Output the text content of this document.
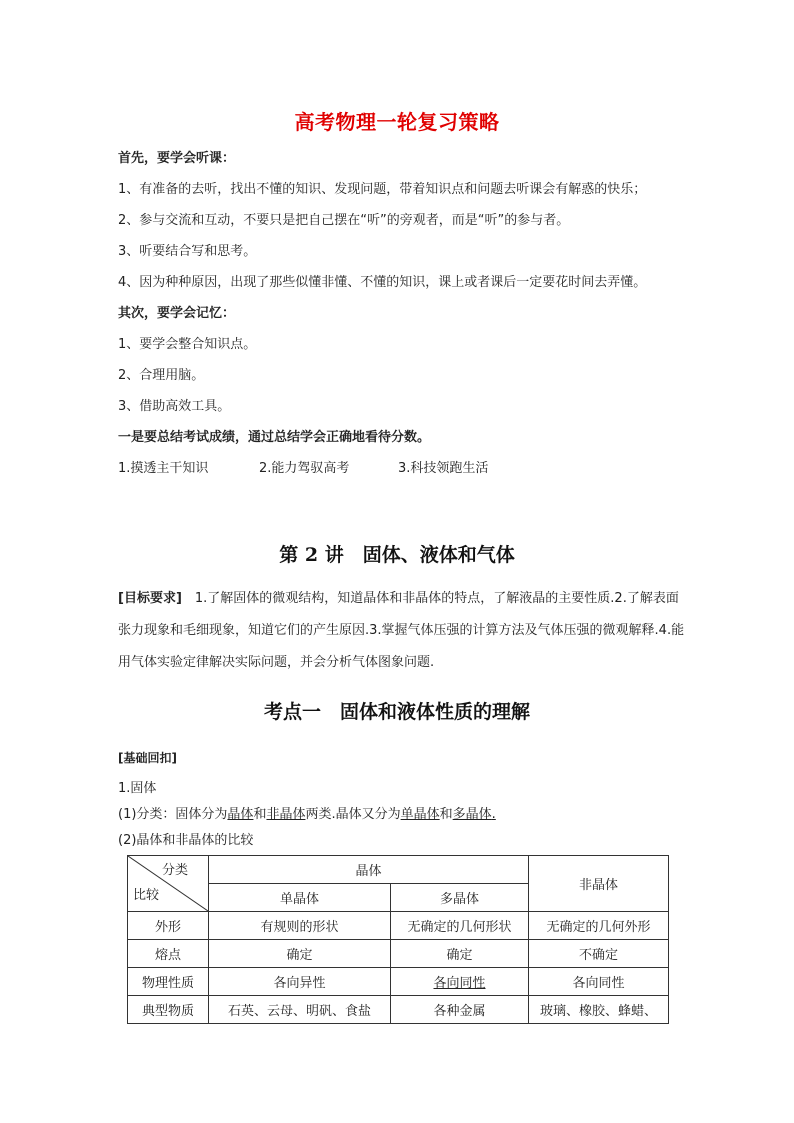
高考物理一轮复习策略
首先，要学会听课：
1、有准备的去听，找出不懂的知识、发现问题，带着知识点和问题去听课会有解惑的快乐；
2、参与交流和互动，不要只是把自己摆在“听”的旁观者，而是“听”的参与者。
3、听要结合写和思考。
4、因为种种原因，出现了那些似懂非懂、不懂的知识，课上或者课后一定要花时间去弄懂。
其次，要学会记忆：
1、要学会整合知识点。
2、合理用脑。
3、借助高效工具。
一是要总结考试成绩，通过总结学会正确地看待分数。
1.摸透主干知识	2.能力驾驭高考	3.科技领跑生活
第 2 讲　固体、液体和气体
[目标要求]　1.了解固体的微观结构，知道晶体和非晶体的特点，了解液晶的主要性质.2.了解表面张力现象和毛细现象，知道它们的产生原因.3.掌握气体压强的计算方法及气体压强的微观解释.4.能用气体实验定律解决实际问题，并会分析气体图象问题.
考点一　固体和液体性质的理解
[基础回扣]
1.固体
(1)分类：固体分为晶体和非晶体两类.晶体又分为单晶体和多晶体.
(2)晶体和非晶体的比较
分类
比较	晶体		非晶体
	单晶体	多晶体	
外形	有规则的形状	无确定的几何形状	无确定的几何外形
熔点	确定	确定	不确定
物理性质	各向异性	各向同性	各向同性
典型物质	石英、云母、明矾、食盐	各种金属	玻璃、橡胶、蜂蜡、
